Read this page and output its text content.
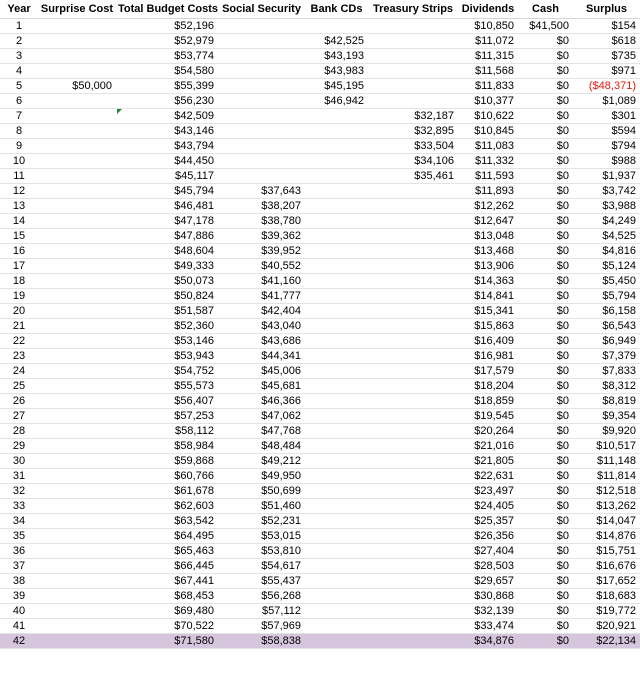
Year	Surprise Cost	Total Budget Costs	Social Security	Bank CDs	Treasury Strips	Dividends	Cash	Surplus
1		$52,196				$10,850	$41,500	$154
2		$52,979		$42,525		$11,072	$0	$618
3		$53,774		$43,193		$11,315	$0	$735
4		$54,580		$43,983		$11,568	$0	$971
5	$50,000	$55,399		$45,195		$11,833	$0	($48,371)
6		$56,230		$46,942		$10,377	$0	$1,089
7		$42,509			$32,187	$10,622	$0	$301
8		$43,146			$32,895	$10,845	$0	$594
9		$43,794			$33,504	$11,083	$0	$794
10		$44,450			$34,106	$11,332	$0	$988
11		$45,117			$35,461	$11,593	$0	$1,937
12		$45,794	$37,643			$11,893	$0	$3,742
13		$46,481	$38,207			$12,262	$0	$3,988
14		$47,178	$38,780			$12,647	$0	$4,249
15		$47,886	$39,362			$13,048	$0	$4,525
16		$48,604	$39,952			$13,468	$0	$4,816
17		$49,333	$40,552			$13,906	$0	$5,124
18		$50,073	$41,160			$14,363	$0	$5,450
19		$50,824	$41,777			$14,841	$0	$5,794
20		$51,587	$42,404			$15,341	$0	$6,158
21		$52,360	$43,040			$15,863	$0	$6,543
22		$53,146	$43,686			$16,409	$0	$6,949
23		$53,943	$44,341			$16,981	$0	$7,379
24		$54,752	$45,006			$17,579	$0	$7,833
25		$55,573	$45,681			$18,204	$0	$8,312
26		$56,407	$46,366			$18,859	$0	$8,819
27		$57,253	$47,062			$19,545	$0	$9,354
28		$58,112	$47,768			$20,264	$0	$9,920
29		$58,984	$48,484			$21,016	$0	$10,517
30		$59,868	$49,212			$21,805	$0	$11,148
31		$60,766	$49,950			$22,631	$0	$11,814
32		$61,678	$50,699			$23,497	$0	$12,518
33		$62,603	$51,460			$24,405	$0	$13,262
34		$63,542	$52,231			$25,357	$0	$14,047
35		$64,495	$53,015			$26,356	$0	$14,876
36		$65,463	$53,810			$27,404	$0	$15,751
37		$66,445	$54,617			$28,503	$0	$16,676
38		$67,441	$55,437			$29,657	$0	$17,652
39		$68,453	$56,268			$30,868	$0	$18,683
40		$69,480	$57,112			$32,139	$0	$19,772
41		$70,522	$57,969			$33,474	$0	$20,921
42		$71,580	$58,838			$34,876	$0	$22,134
